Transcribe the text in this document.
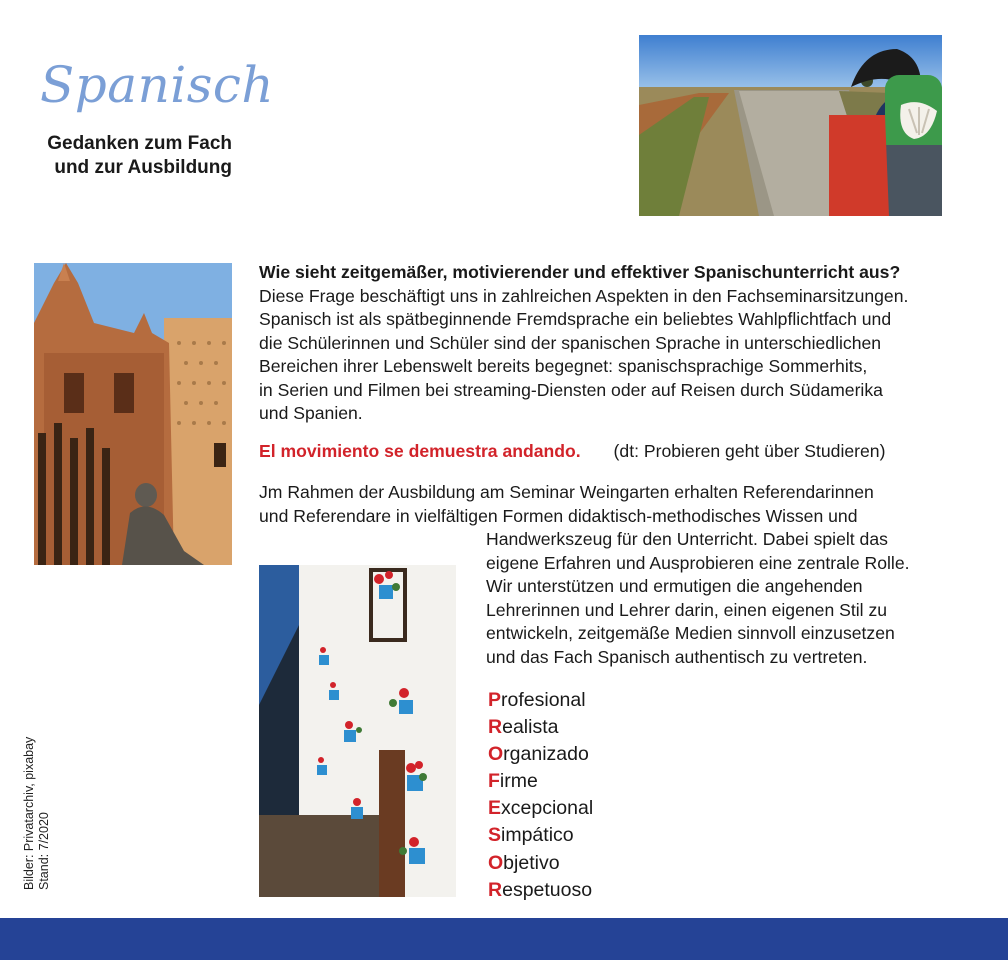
Spanisch
Gedanken zum Fach
und zur Ausbildung
Wie sieht zeitgemäßer, motivierender und effektiver Spanischunterricht aus?
Diese Frage beschäftigt uns in zahlreichen Aspekten in den Fachseminarsitzungen.
Spanisch ist als spätbeginnende Fremdsprache ein beliebtes Wahlpflichtfach und
die Schülerinnen und Schüler sind der spanischen Sprache in unterschiedlichen
Bereichen ihrer Lebenswelt bereits begegnet: spanischsprachige Sommerhits,
in Serien und Filmen bei streaming-Diensten oder auf Reisen durch Südamerika
und Spanien.
El movimiento se demuestra andando. (dt: Probieren geht über Studieren)
Jm Rahmen der Ausbildung am Seminar Weingarten erhalten Referendarinnen
und Referendare in vielfältigen Formen didaktisch-methodisches Wissen und
Handwerkszeug für den Unterricht. Dabei spielt das
eigene Erfahren und Ausprobieren eine zentrale Rolle.
Wir unterstützen und ermutigen die angehenden
Lehrerinnen und Lehrer darin, einen eigenen Stil zu
entwickeln, zeitgemäße Medien sinnvoll einzusetzen
und das Fach Spanisch authentisch zu vertreten.
Profesional
Realista
Organizado
Firme
Excepcional
Simpático
Objetivo
Respetuoso
Bilder: Privatarchiv, pixabay Stand: 7/2020
